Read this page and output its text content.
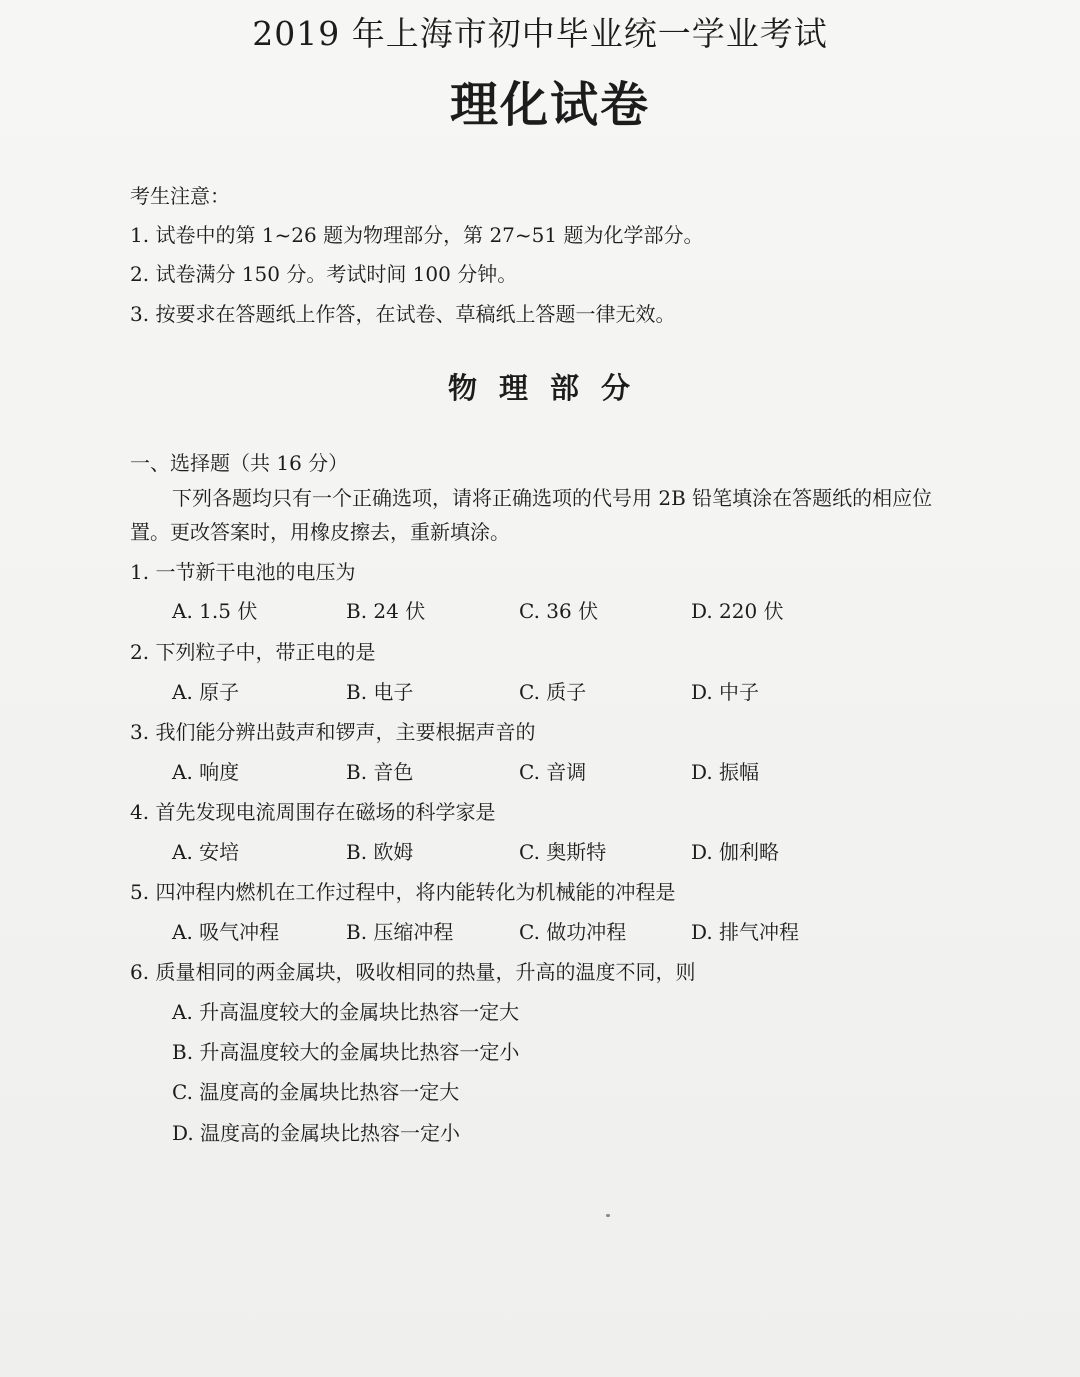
2019 年上海市初中毕业统一学业考试
理化试卷
考生注意：
1. 试卷中的第 1~26 题为物理部分，第 27~51 题为化学部分。
2. 试卷满分 150 分。考试时间 100 分钟。
3. 按要求在答题纸上作答，在试卷、草稿纸上答题一律无效。
物理部分
一、选择题（共 16 分）
下列各题均只有一个正确选项，请将正确选项的代号用 2B 铅笔填涂在答题纸的相应位
置。更改答案时，用橡皮擦去，重新填涂。
1. 一节新干电池的电压为
A. 1.5 伏	B. 24 伏	C. 36 伏	D. 220 伏
2. 下列粒子中，带正电的是
A. 原子	B. 电子	C. 质子	D. 中子
3. 我们能分辨出鼓声和锣声，主要根据声音的
A. 响度	B. 音色	C. 音调	D. 振幅
4. 首先发现电流周围存在磁场的科学家是
A. 安培	B. 欧姆	C. 奥斯特	D. 伽利略
5. 四冲程内燃机在工作过程中，将内能转化为机械能的冲程是
A. 吸气冲程	B. 压缩冲程	C. 做功冲程	D. 排气冲程
6. 质量相同的两金属块，吸收相同的热量，升高的温度不同，则
A. 升高温度较大的金属块比热容一定大
B. 升高温度较大的金属块比热容一定小
C. 温度高的金属块比热容一定大
D. 温度高的金属块比热容一定小
